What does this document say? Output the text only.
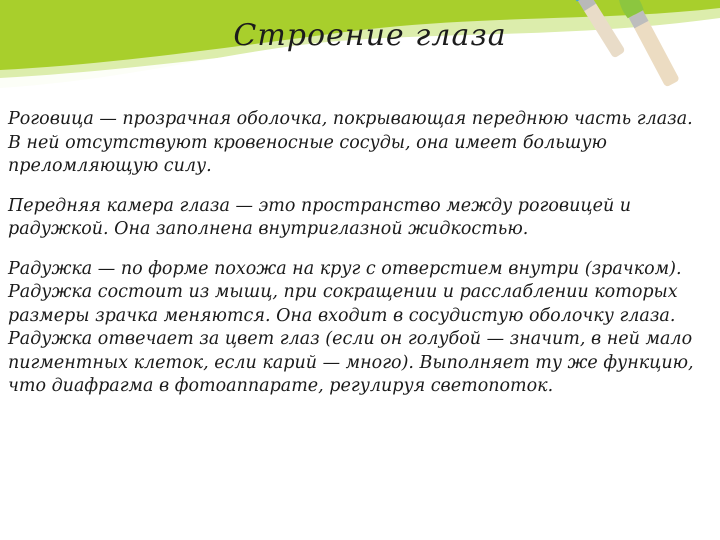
Строение глаза

Роговица — прозрачная оболочка, покрывающая переднюю часть глаза. В ней отсутствуют кровеносные сосуды, она имеет большую преломляющую силу.

Передняя камера глаза — это пространство между роговицей и радужкой. Она заполнена внутриглазной жидкостью.

Радужка — по форме похожа на круг с отверстием внутри (зрачком). Радужка состоит из мышц, при сокращении и расслаблении которых размеры зрачка меняются. Она входит в сосудистую оболочку глаза. Радужка отвечает за цвет глаз (если он голубой — значит, в ней мало пигментных клеток, если карий — много). Выполняет ту же функцию, что диафрагма в фотоаппарате, регулируя светопоток.
